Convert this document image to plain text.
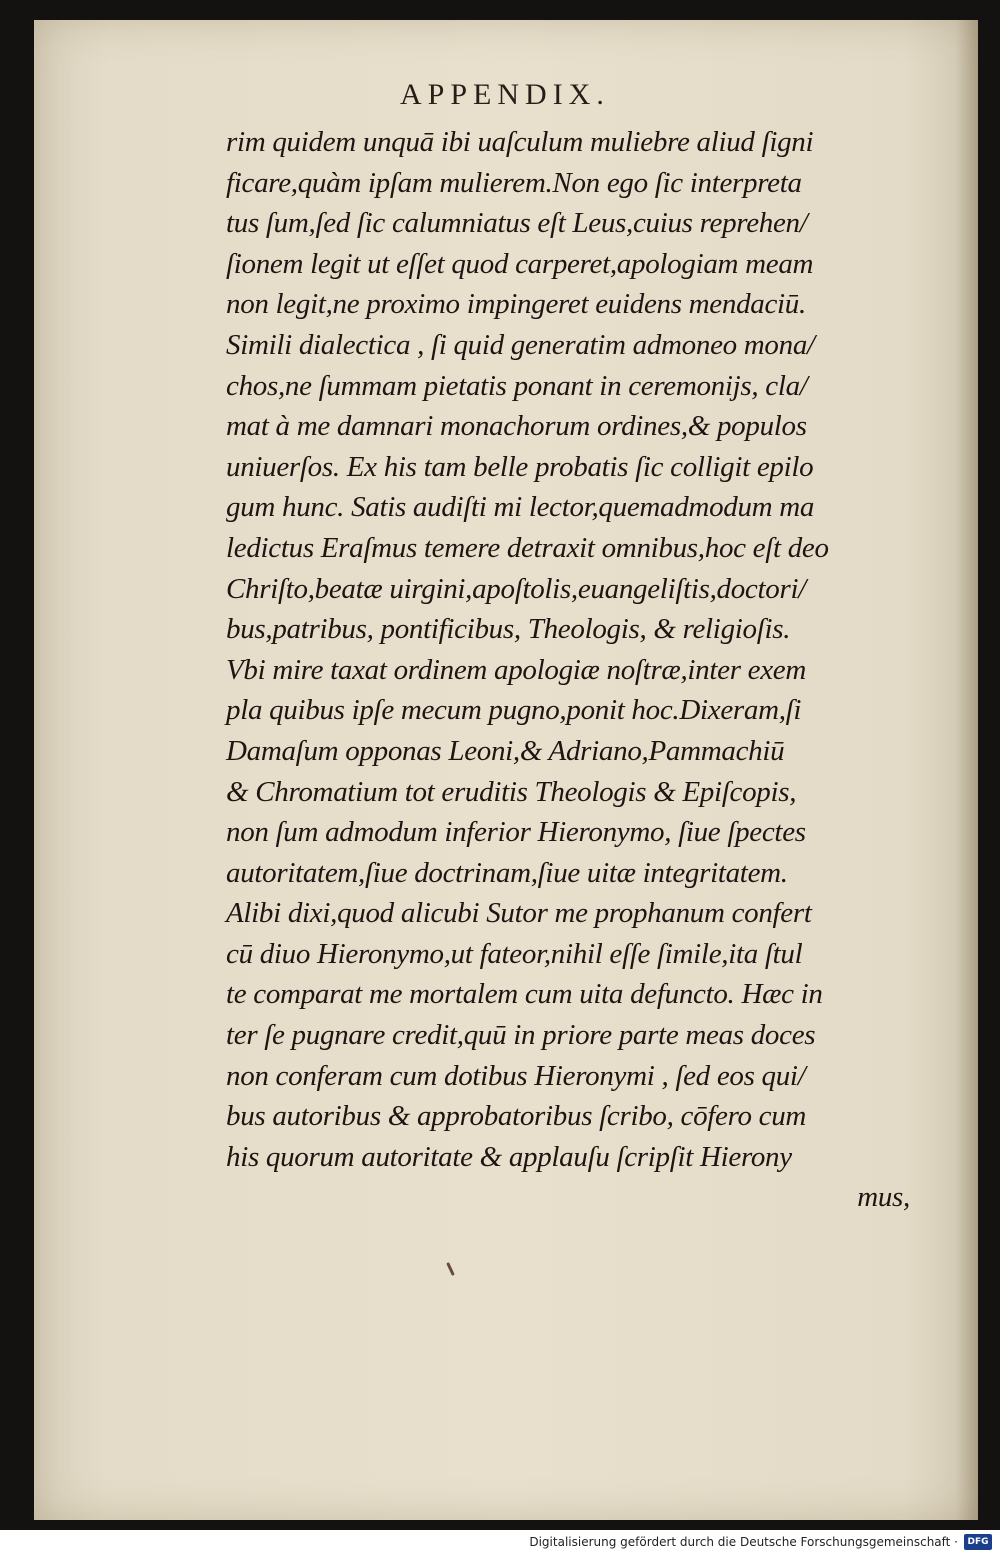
APPENDIX.
rim quidem unquā ibi uaſculum muliebre aliud ſigni
ficare,quàm ipſam mulierem.Non ego ſic interpreta
tus ſum,ſed ſic calumniatus eſt Leus,cuius reprehen/
ſionem legit ut eſſet quod carperet,apologiam meam
non legit,ne proximo impingeret euidens mendaciū.
Simili dialectica , ſi quid generatim admoneo mona/
chos,ne ſummam pietatis ponant in ceremonijs, cla/
mat à me damnari monachorum ordines,& populos
uniuerſos. Ex his tam belle probatis ſic colligit epilo
gum hunc. Satis audiſti mi lector,quemadmodum ma
ledictus Eraſmus temere detraxit omnibus,hoc eſt deo
Chriſto,beatæ uirgini,apoſtolis,euangeliſtis,doctori/
bus,patribus, pontificibus, Theologis, & religioſis.
Vbi mire taxat ordinem apologiæ noſtræ,inter exem
pla quibus ipſe mecum pugno,ponit hoc.Dixeram,ſi
Damaſum opponas Leoni,& Adriano,Pammachiū
& Chromatium tot eruditis Theologis & Epiſcopis,
non ſum admodum inferior Hieronymo, ſiue ſpectes
autoritatem,ſiue doctrinam,ſiue uitæ integritatem.
Alibi dixi,quod alicubi Sutor me prophanum confert
cū diuo Hieronymo,ut fateor,nihil eſſe ſimile,ita ſtul
te comparat me mortalem cum uita defuncto. Hæc in
ter ſe pugnare credit,quū in priore parte meas doces
non conferam cum dotibus Hieronymi , ſed eos qui/
bus autoribus & approbatoribus ſcribo, cōfero cum
his quorum autoritate & applauſu ſcripſit Hierony
mus,
Digitalisierung gefördert durch die Deutsche Forschungsgemeinschaft ·	DFG
